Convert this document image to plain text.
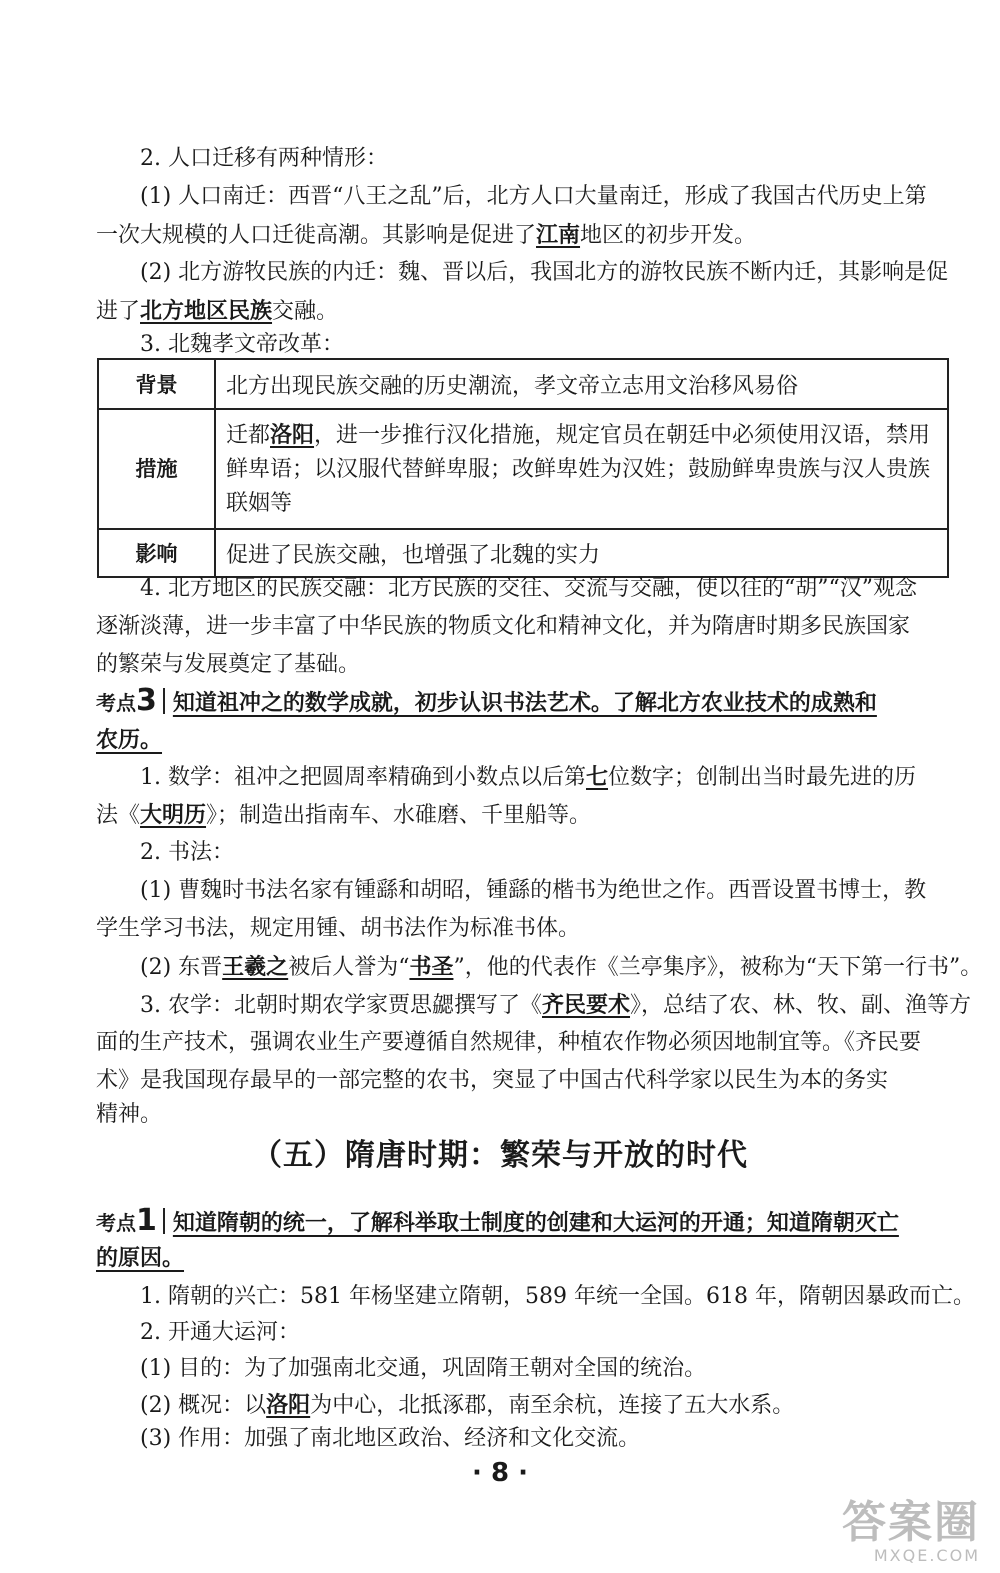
2. 人口迁移有两种情形：
(1) 人口南迁：西晋“八王之乱”后，北方人口大量南迁，形成了我国古代历史上第
一次大规模的人口迁徙高潮。其影响是促进了江南地区的初步开发。
(2) 北方游牧民族的内迁：魏、晋以后，我国北方的游牧民族不断内迁，其影响是促
进了北方地区民族交融。
3. 北魏孝文帝改革：
背景	北方出现民族交融的历史潮流，孝文帝立志用文治移风易俗
措施	迁都洛阳，进一步推行汉化措施，规定官员在朝廷中必须使用汉语，禁用
鲜卑语；以汉服代替鲜卑服；改鲜卑姓为汉姓；鼓励鲜卑贵族与汉人贵族
联姻等

影响	促进了民族交融，也增强了北魏的实力
4. 北方地区的民族交融：北方民族的交往、交流与交融，使以往的“胡”“汉”观念
逐渐淡薄，进一步丰富了中华民族的物质文化和精神文化，并为隋唐时期多民族国家
的繁荣与发展奠定了基础。
考点3 知道祖冲之的数学成就，初步认识书法艺术。了解北方农业技术的成熟和
农历。
1. 数学：祖冲之把圆周率精确到小数点以后第七位数字；创制出当时最先进的历
法《大明历》；制造出指南车、水碓磨、千里船等。
2. 书法：
(1) 曹魏时书法名家有锺繇和胡昭，锺繇的楷书为绝世之作。西晋设置书博士，教
学生学习书法，规定用锺、胡书法作为标准书体。
(2) 东晋王羲之被后人誉为“书圣”，他的代表作《兰亭集序》，被称为“天下第一行书”。
3. 农学：北朝时期农学家贾思勰撰写了《齐民要术》，总结了农、林、牧、副、渔等方
面的生产技术，强调农业生产要遵循自然规律，种植农作物必须因地制宜等。《齐民要
术》是我国现存最早的一部完整的农书，突显了中国古代科学家以民生为本的务实
精神。
（五）隋唐时期：繁荣与开放的时代
考点1 知道隋朝的统一，了解科举取士制度的创建和大运河的开通；知道隋朝灭亡
的原因。
1. 隋朝的兴亡：581 年杨坚建立隋朝，589 年统一全国。618 年，隋朝因暴政而亡。
2. 开通大运河：
(1) 目的：为了加强南北交通，巩固隋王朝对全国的统治。
(2) 概况：以洛阳为中心，北抵涿郡，南至余杭，连接了五大水系。
(3) 作用：加强了南北地区政治、经济和文化交流。
· 8 ·
答案圈
MXQE.COM
